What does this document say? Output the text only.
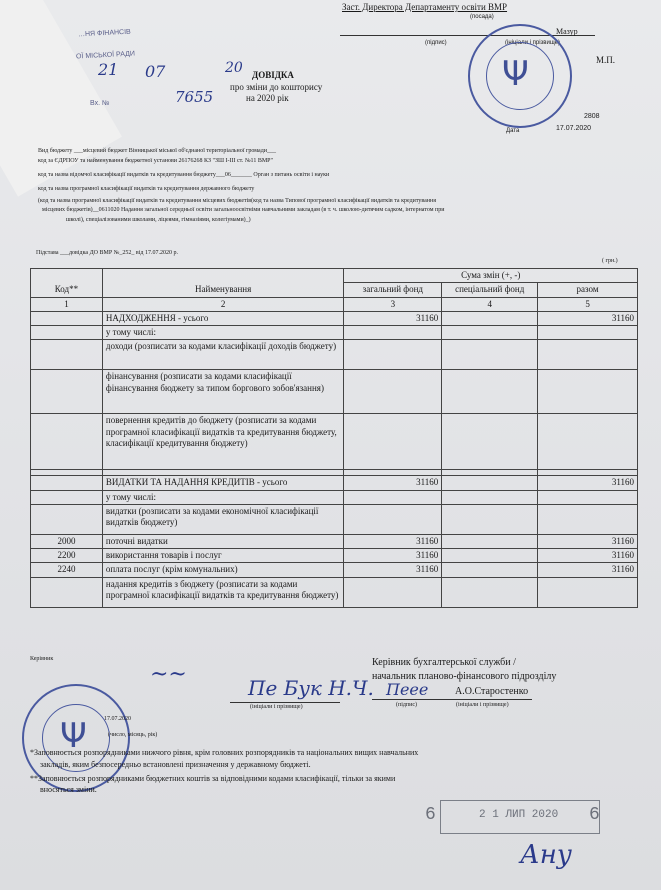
…НЯ ФІНАНСІВ
ОЇ МІСЬКОЇ РАДИ
21 07	20
Вх. №	7655
ДОВІДКА
про зміни до кошторису
на 2020 рік
Заст. Директора Департаменту освіти ВМР
(посада)
Мазур
(підпис)	(ініціали і прізвище)
М.П.
2808
17.07.2020
Дата
Ψ
Вид бюджету ___місцевий бюджет Вінницької міської об'єднаної територіальної громади___
код за ЄДРПОУ та найменування бюджетної установи 26176268 КЗ "ЗШ І-ІІІ ст. №11 ВМР"
код та назва відомчої класифікації видатків та кредитування бюджету___06_______ Орган з питань освіти і науки
код та назва програмної класифікації видатків та кредитування державного бюджету
(код та назва програмної класифікації видатків та кредитування місцевих бюджетів(код та назва Типової програмної класифікації видатків та кредитування
місцевих бюджетів)__0611020 Надання загальної середньої освіти загальноосвітніми навчальними закладам (в т. ч. школою-дитячим садком, інтернатом при
школі), спеціалізованими школами, ліцеями, гімназіями, колегіумами)_)
Підстава ___довідка ДО ВМР №_252_ від 17.07.2020 р.
( грн.)
Код**	Найменування	Сума змін (+, -)		
		загальний фонд	спеціальний фонд	разом
1	2	3	4	5
	НАДХОДЖЕННЯ - усього	31160		31160
	у тому числі:			
	доходи (розписати за кодами класифікації доходів бюджету)			
	фінансування (розписати за кодами класифікації фінансування бюджету за типом боргового зобов'язання)			
	повернення кредитів до бюджету (розписати за кодами програмної класифікації видатків та кредитування бюджету, класифікації кредитування бюджету)			

	ВИДАТКИ ТА НАДАННЯ КРЕДИТІВ - усього	31160		31160
	у тому числі:			
	видатки (розписати за кодами економічної класифікації видатків бюджету)			
2000	поточні видатки	31160		31160
2200	використання товарів і послуг	31160		31160
2240	оплата послуг (крім комунальних)	31160		31160
	надання кредитів з бюджету (розписати за кодами програмної класифікації видатків та кредитування бюджету)			
Керівник
~~
Пе Бук Н.Ч.
(ініціали і прізвище)
Керівник бухгалтерської служби /
начальник планово-фінансового підрозділу
Пеее	А.О.Старостенко
(підпис)	(ініціали і прізвище)
Ψ	17.07.2020
(число, місяць, рік)
*Заповнюється розпорядниками нижчого рівня, крім головних розпорядників та національних вищих навчальних
закладів, яким безпосередньо встановлені призначення у державному бюджеті.
**Заповнюється розпорядниками бюджетних коштів за відповідними кодами класифікації, тільки за якими
вносяться зміни.
6	2 1 ЛИП 2020 6
Ану
